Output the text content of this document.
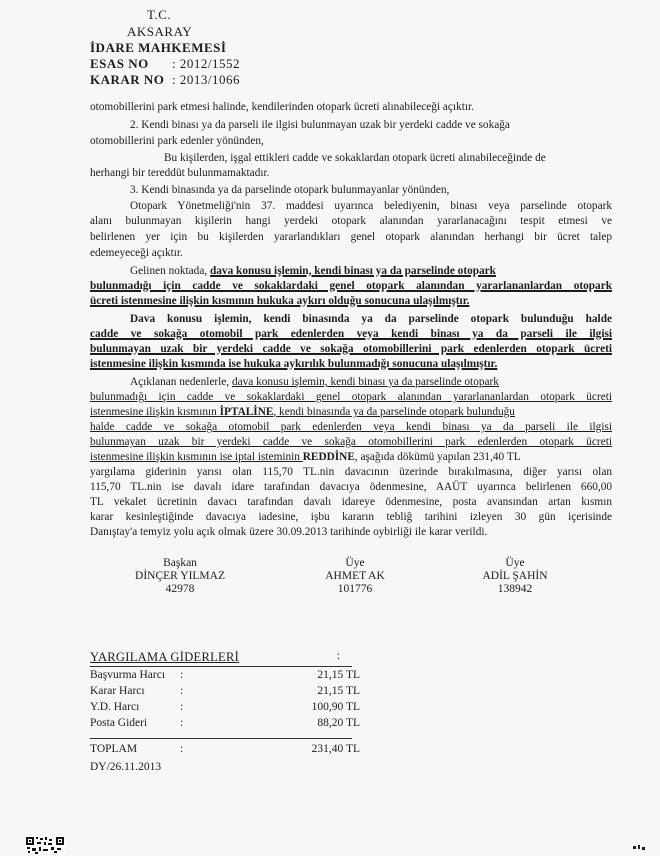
T.C.
AKSARAY
İDARE MAHKEMESİ
ESAS NO : 2012/1552
KARAR NO : 2013/1066
otomobillerini park etmesi halinde, kendilerinden otopark ücreti alınabileceği açıktır.
2. Kendi binası ya da parseli ile ilgisi bulunmayan uzak bir yerdeki cadde ve sokağa
otomobillerini park edenler yönünden,
Bu kişilerden, işgal ettikleri cadde ve sokaklardan otopark ücreti alınabileceğinde de
herhangi bir tereddüt bulunmamaktadır.
3. Kendi binasında ya da parselinde otopark bulunmayanlar yönünden,
Otopark Yönetmeliği'nin 37. maddesi uyarınca belediyenin, binası veya parselinde otopark
alanı bulunmayan kişilerin hangi yerdeki otopark alanından yararlanacağını tespit etmesi ve
belirlenen yer için bu kişilerden yararlandıkları genel otopark alanından herhangi bir ücret talep
edemeyeceği açıktır.
Gelinen noktada, dava konusu işlemin, kendi binası ya da parselinde otopark
bulunmadığı için cadde ve sokaklardaki genel otopark alanından yararlananlardan otopark
ücreti istenmesine ilişkin kısmının hukuka aykırı olduğu sonucuna ulaşılmıştır.
Dava konusu işlemin, kendi binasında ya da parselinde otopark bulunduğu halde
cadde ve sokağa otomobil park edenlerden veya kendi binası ya da parseli ile ilgisi
bulunmayan uzak bir yerdeki cadde ve sokağa otomobillerini park edenlerden otopark ücreti
istenmesine ilişkin kısmında ise hukuka aykırılık bulunmadığı sonucuna ulaşılmıştır.
Açıklanan nedenlerle, dava konusu işlemin, kendi binası ya da parselinde otopark
bulunmadığı için cadde ve sokaklardaki genel otopark alanından yararlananlardan otopark ücreti
istenmesine ilişkin kısmının İPTALİNE, kendi binasında ya da parselinde otopark bulunduğu
halde cadde ve sokağa otomobil park edenlerden veya kendi binası ya da parseli ile ilgisi
bulunmayan uzak bir yerdeki cadde ve sokağa otomobillerini park edenlerden otopark ücreti
istenmesine ilişkin kısmının ise iptal isteminin REDDİNE, aşağıda dökümü yapılan 231,40 TL
yargılama giderinin yarısı olan 115,70 TL.nin davacının üzerinde bırakılmasına, diğer yarısı olan
115,70 TL.nin ise davalı idare tarafından davacıya ödenmesine, AAÜT uyarınca belirlenen 660,00
TL vekalet ücretinin davacı tarafından davalı idareye ödenmesine, posta avansından artan kısmın
karar kesinleştiğinde davacıya iadesine, işbu kararın tebliğ tarihini izleyen 30 gün içerisinde
Danıştay'a temyiz yolu açık olmak üzere 30.09.2013 tarihinde oybirliği ile karar verildi.
Başkan
DİNÇER YILMAZ
42978
Üye
AHMET AK
101776
Üye
ADİL ŞAHİN
138942
YARGILAMA GİDERLERİ	:
Başvurma Harcı :	21,15 TL
Karar Harcı	:	21,15 TL
Y.D. Harcı	:	100,90 TL
Posta Gideri	:	88,20 TL
TOPLAM	:	231,40 TL
DY/26.11.2013
